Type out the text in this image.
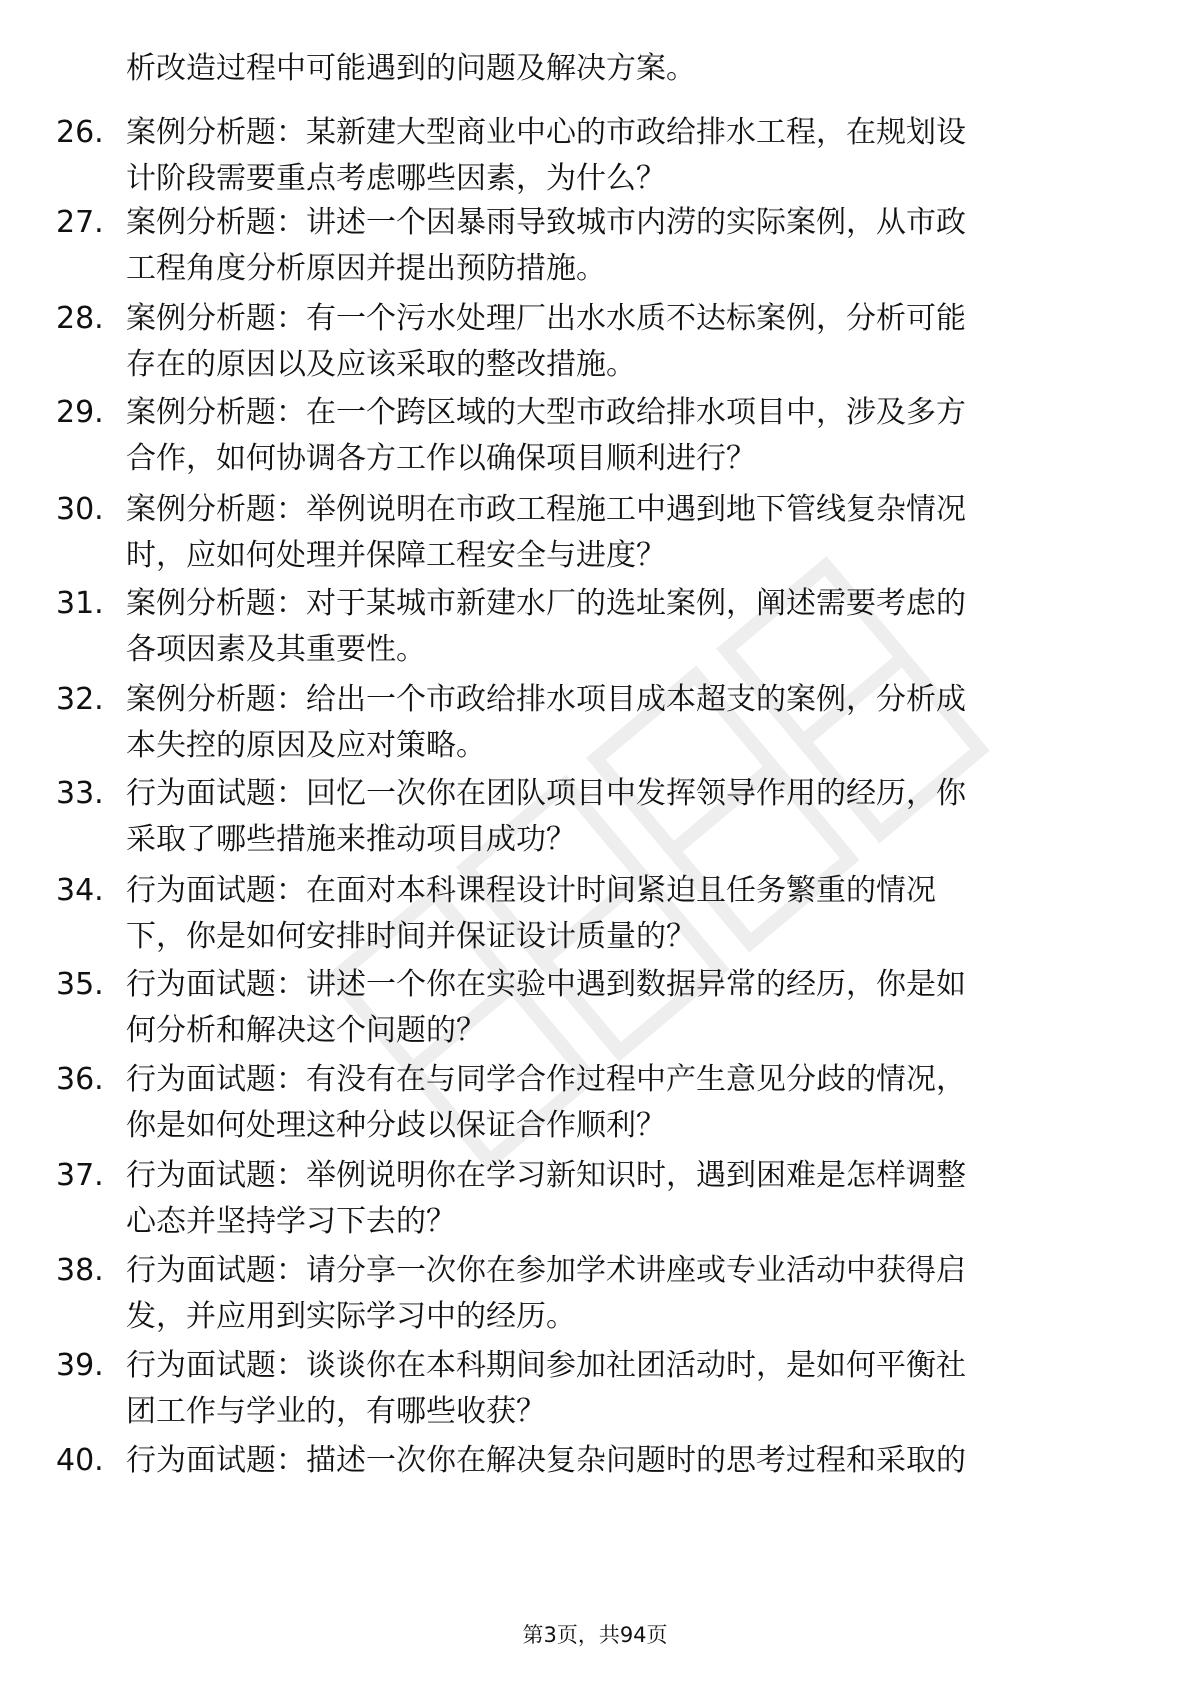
析改造过程中可能遇到的问题及解决方案。
26. 案例分析题：某新建大型商业中心的市政给排水工程，在规划设
计阶段需要重点考虑哪些因素，为什么？
27. 案例分析题：讲述一个因暴雨导致城市内涝的实际案例，从市政
工程角度分析原因并提出预防措施。
28. 案例分析题：有一个污水处理厂出水水质不达标案例，分析可能
存在的原因以及应该采取的整改措施。
29. 案例分析题：在一个跨区域的大型市政给排水项目中，涉及多方
合作，如何协调各方工作以确保项目顺利进行？
30. 案例分析题：举例说明在市政工程施工中遇到地下管线复杂情况
时，应如何处理并保障工程安全与进度？
31. 案例分析题：对于某城市新建水厂的选址案例，阐述需要考虑的
各项因素及其重要性。
32. 案例分析题：给出一个市政给排水项目成本超支的案例，分析成
本失控的原因及应对策略。
33. 行为面试题：回忆一次你在团队项目中发挥领导作用的经历，你
采取了哪些措施来推动项目成功？
34. 行为面试题：在面对本科课程设计时间紧迫且任务繁重的情况
下，你是如何安排时间并保证设计质量的？
35. 行为面试题：讲述一个你在实验中遇到数据异常的经历，你是如
何分析和解决这个问题的？
36. 行为面试题：有没有在与同学合作过程中产生意见分歧的情况，
你是如何处理这种分歧以保证合作顺利？
37. 行为面试题：举例说明你在学习新知识时，遇到困难是怎样调整
心态并坚持学习下去的？
38. 行为面试题：请分享一次你在参加学术讲座或专业活动中获得启
发，并应用到实际学习中的经历。
39. 行为面试题：谈谈你在本科期间参加社团活动时，是如何平衡社
团工作与学业的，有哪些收获？
40. 行为面试题：描述一次你在解决复杂问题时的思考过程和采取的
第3页，共94页
